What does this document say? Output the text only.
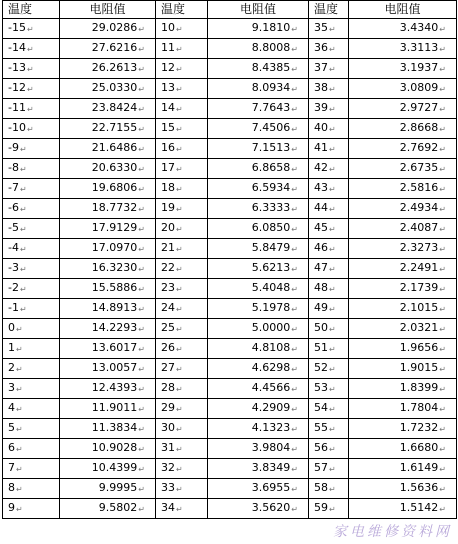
温度	电阻值	温度	电阻值	温度	电阻值
-15↵	29.0286↵	10↵	9.1810↵	35↵	3.4340↵
-14↵	27.6216↵	11↵	8.8008↵	36↵	3.3113↵
-13↵	26.2613↵	12↵	8.4385↵	37↵	3.1937↵
-12↵	25.0330↵	13↵	8.0934↵	38↵	3.0809↵
-11↵	23.8424↵	14↵	7.7643↵	39↵	2.9727↵
-10↵	22.7155↵	15↵	7.4506↵	40↵	2.8668↵
-9↵	21.6486↵	16↵	7.1513↵	41↵	2.7692↵
-8↵	20.6330↵	17↵	6.8658↵	42↵	2.6735↵
-7↵	19.6806↵	18↵	6.5934↵	43↵	2.5816↵
-6↵	18.7732↵	19↵	6.3333↵	44↵	2.4934↵
-5↵	17.9129↵	20↵	6.0850↵	45↵	2.4087↵
-4↵	17.0970↵	21↵	5.8479↵	46↵	2.3273↵
-3↵	16.3230↵	22↵	5.6213↵	47↵	2.2491↵
-2↵	15.5886↵	23↵	5.4048↵	48↵	2.1739↵
-1↵	14.8913↵	24↵	5.1978↵	49↵	2.1015↵
0↵	14.2293↵	25↵	5.0000↵	50↵	2.0321↵
1↵	13.6017↵	26↵	4.8108↵	51↵	1.9656↵
2↵	13.0057↵	27↵	4.6298↵	52↵	1.9015↵
3↵	12.4393↵	28↵	4.4566↵	53↵	1.8399↵
4↵	11.9011↵	29↵	4.2909↵	54↵	1.7804↵
5↵	11.3834↵	30↵	4.1323↵	55↵	1.7232↵
6↵	10.9028↵	31↵	3.9804↵	56↵	1.6680↵
7↵	10.4399↵	32↵	3.8349↵	57↵	1.6149↵
8↵	9.9995↵	33↵	3.6955↵	58↵	1.5636↵
9↵	9.5802↵	34↵	3.5620↵	59↵	1.5142↵
家电维修资料网
